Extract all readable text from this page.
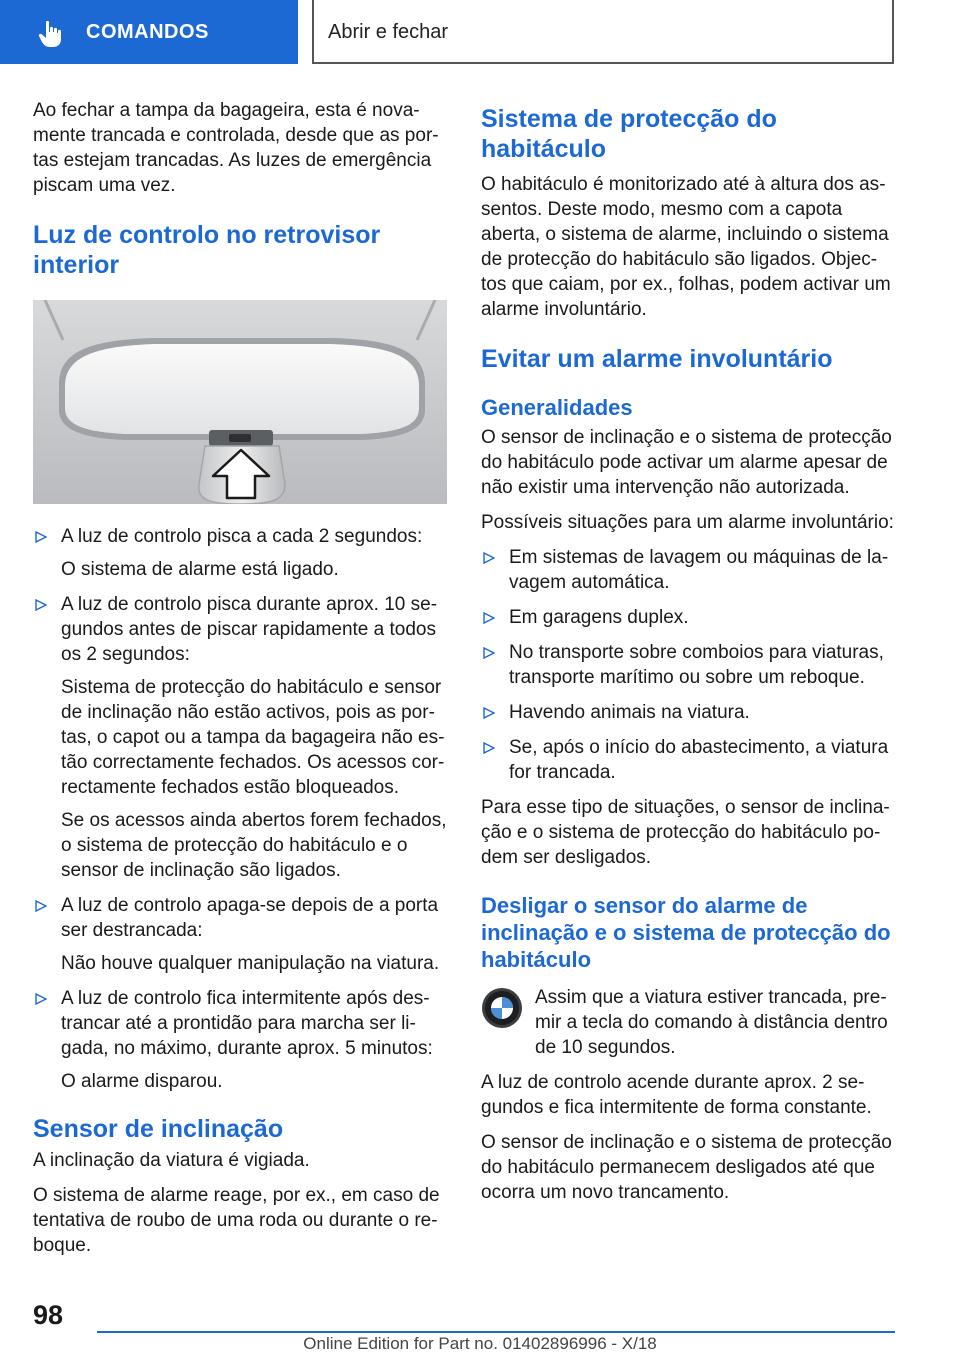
COMANDOS	Abrir e fechar

Ao fechar a tampa da bagageira, esta é novamente trancada e controlada, desde que as portas estejam trancadas. As luzes de emergência piscam uma vez.

Luz de controlo no retrovisor interior

A luz de controlo pisca a cada 2 segundos:

O sistema de alarme está ligado.

A luz de controlo pisca durante aprox. 10 segundos antes de piscar rapidamente a todos os 2 segundos:

Sistema de protecção do habitáculo e sensor de inclinação não estão activos, pois as portas, o capot ou a tampa da bagageira não estão correctamente fechados. Os acessos correctamente fechados estão bloqueados.

Se os acessos ainda abertos forem fechados, o sistema de protecção do habitáculo e o sensor de inclinação são ligados.

A luz de controlo apaga-se depois de a porta ser destrancada:

Não houve qualquer manipulação na viatura.

A luz de controlo fica intermitente após destrancar até a prontidão para marcha ser ligada, no máximo, durante aprox. 5 minutos:

O alarme disparou.

Sensor de inclinação

A inclinação da viatura é vigiada.

O sistema de alarme reage, por ex., em caso de tentativa de roubo de uma roda ou durante o reboque.

Sistema de protecção do habitáculo

O habitáculo é monitorizado até à altura dos assentos. Deste modo, mesmo com a capota aberta, o sistema de alarme, incluindo o sistema de protecção do habitáculo são ligados. Objectos que caiam, por ex., folhas, podem activar um alarme involuntário.

Evitar um alarme involuntário
Generalidades

O sensor de inclinação e o sistema de protecção do habitáculo pode activar um alarme apesar de não existir uma intervenção não autorizada.

Possíveis situações para um alarme involuntário:

Em sistemas de lavagem ou máquinas de lavagem automática.

Em garagens duplex.

No transporte sobre comboios para viaturas, transporte marítimo ou sobre um reboque.

Havendo animais na viatura.

Se, após o início do abastecimento, a viatura for trancada.

Para esse tipo de situações, o sensor de inclinação e o sistema de protecção do habitáculo podem ser desligados.

Desligar o sensor do alarme de inclinação e o sistema de protecção do habitáculo

Assim que a viatura estiver trancada, premir a tecla do comando à distância dentro de 10 segundos.

A luz de controlo acende durante aprox. 2 segundos e fica intermitente de forma constante.

O sensor de inclinação e o sistema de protecção do habitáculo permanecem desligados até que ocorra um novo trancamento.

98
Online Edition for Part no. 01402896996 - X/18
